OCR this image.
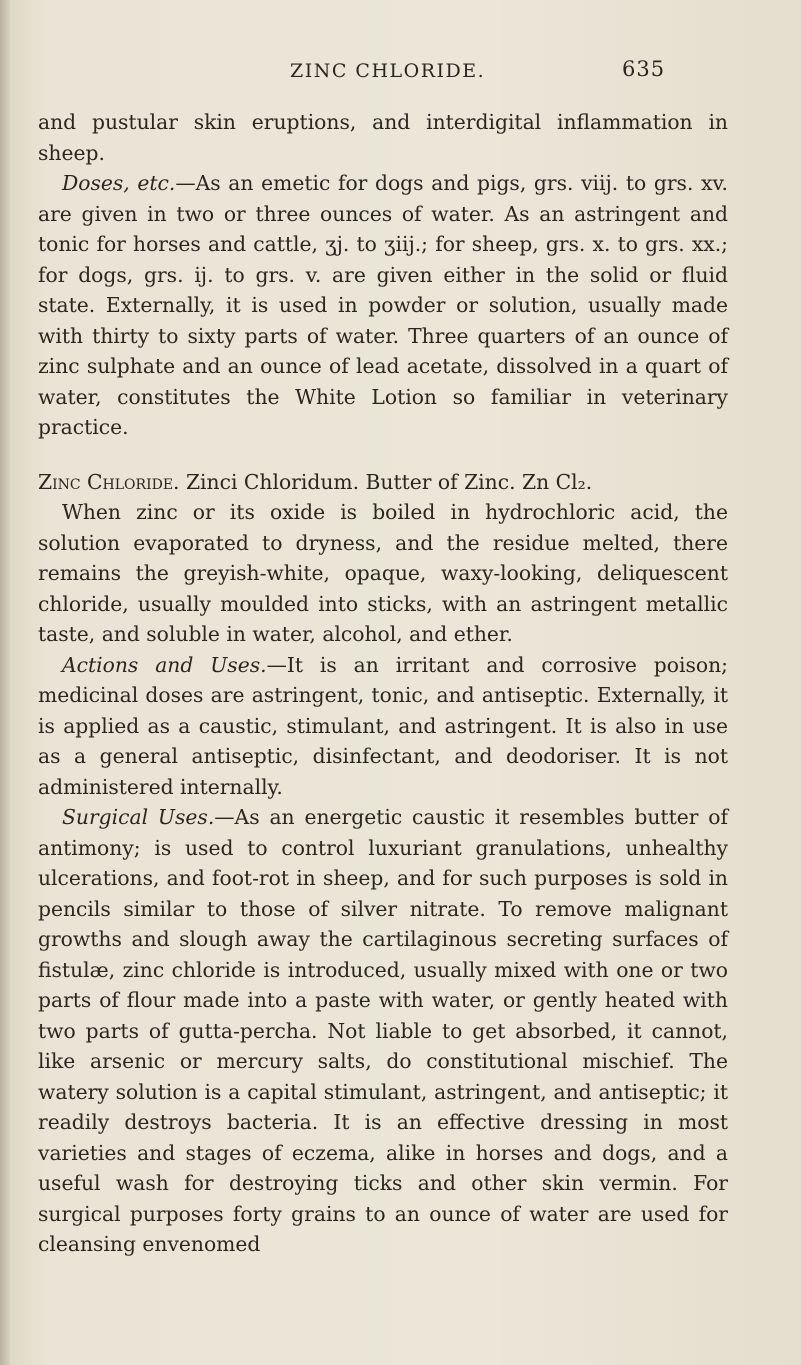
ZINC CHLORIDE.	635

and pustular skin eruptions, and interdigital inflammation in sheep.

Doses, etc.—As an emetic for dogs and pigs, grs. viij. to grs. xv. are given in two or three ounces of water. As an astringent and tonic for horses and cattle, ʒj. to ʒiij.; for sheep, grs. x. to grs. xx.; for dogs, grs. ij. to grs. v. are given either in the solid or fluid state. Externally, it is used in powder or solution, usually made with thirty to sixty parts of water. Three quarters of an ounce of zinc sulphate and an ounce of lead acetate, dissolved in a quart of water, constitutes the White Lotion so familiar in veterinary practice.

Zinc Chloride. Zinci Chloridum. Butter of Zinc. Zn Cl₂.

When zinc or its oxide is boiled in hydrochloric acid, the solution evaporated to dryness, and the residue melted, there remains the greyish-white, opaque, waxy-looking, deliquescent chloride, usually moulded into sticks, with an astringent metallic taste, and soluble in water, alcohol, and ether.

Actions and Uses.—It is an irritant and corrosive poison; medicinal doses are astringent, tonic, and antiseptic. Externally, it is applied as a caustic, stimulant, and astringent. It is also in use as a general antiseptic, disinfectant, and deodoriser. It is not administered internally.

Surgical Uses.—As an energetic caustic it resembles butter of antimony; is used to control luxuriant granulations, unhealthy ulcerations, and foot-rot in sheep, and for such purposes is sold in pencils similar to those of silver nitrate. To remove malignant growths and slough away the cartilaginous secreting surfaces of fistulæ, zinc chloride is introduced, usually mixed with one or two parts of flour made into a paste with water, or gently heated with two parts of gutta-percha. Not liable to get absorbed, it cannot, like arsenic or mercury salts, do constitutional mischief. The watery solution is a capital stimulant, astringent, and antiseptic; it readily destroys bacteria. It is an effective dressing in most varieties and stages of eczema, alike in horses and dogs, and a useful wash for destroying ticks and other skin vermin. For surgical purposes forty grains to an ounce of water are used for cleansing envenomed
